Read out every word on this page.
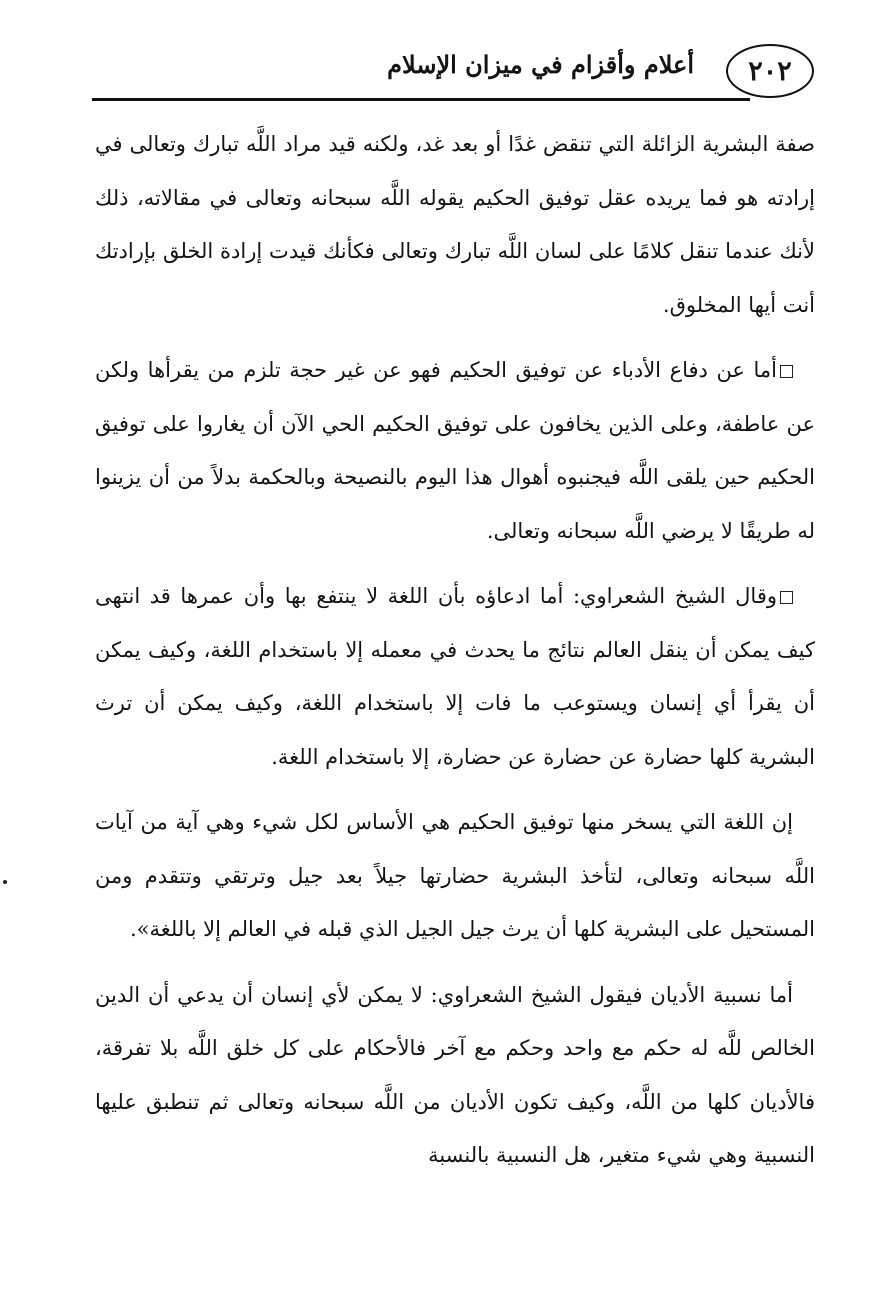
أعلام وأقزام في ميزان الإسلام ٢٠٢

صفة البشرية الزائلة التي تنقض غدًا أو بعد غد، ولكنه قيد مراد اللَّه تبارك وتعالى في إرادته هو فما يريده عقل توفيق الحكيم يقوله اللَّه سبحانه وتعالى في مقالاته، ذلك لأنك عندما تنقل كلامًا على لسان اللَّه تبارك وتعالى فكأنك قيدت إرادة الخلق بإرادتك أنت أيها المخلوق.

أما عن دفاع الأدباء عن توفيق الحكيم فهو عن غير حجة تلزم من يقرأها ولكن عن عاطفة، وعلى الذين يخافون على توفيق الحكيم الحي الآن أن يغاروا على توفيق الحكيم حين يلقى اللَّه فيجنبوه أهوال هذا اليوم بالنصيحة وبالحكمة بدلاً من أن يزينوا له طريقًا لا يرضي اللَّه سبحانه وتعالى.

وقال الشيخ الشعراوي: أما ادعاؤه بأن اللغة لا ينتفع بها وأن عمرها قد انتهى كيف يمكن أن ينقل العالم نتائج ما يحدث في معمله إلا باستخدام اللغة، وكيف يمكن أن يقرأ أي إنسان ويستوعب ما فات إلا باستخدام اللغة، وكيف يمكن أن ترث البشرية كلها حضارة عن حضارة عن حضارة، إلا باستخدام اللغة.

إن اللغة التي يسخر منها توفيق الحكيم هي الأساس لكل شيء وهي آية من آيات اللَّه سبحانه وتعالى، لتأخذ البشرية حضارتها جيلاً بعد جيل وترتقي وتتقدم ومن المستحيل على البشرية كلها أن يرث جيل الجيل الذي قبله في العالم إلا باللغة».

أما نسبية الأديان فيقول الشيخ الشعراوي: لا يمكن لأي إنسان أن يدعي أن الدين الخالص للَّه له حكم مع واحد وحكم مع آخر فالأحكام على كل خلق اللَّه بلا تفرقة، فالأديان كلها من اللَّه، وكيف تكون الأديان من اللَّه سبحانه وتعالى ثم تنطبق عليها النسبية وهي شيء متغير، هل النسبية بالنسبة
